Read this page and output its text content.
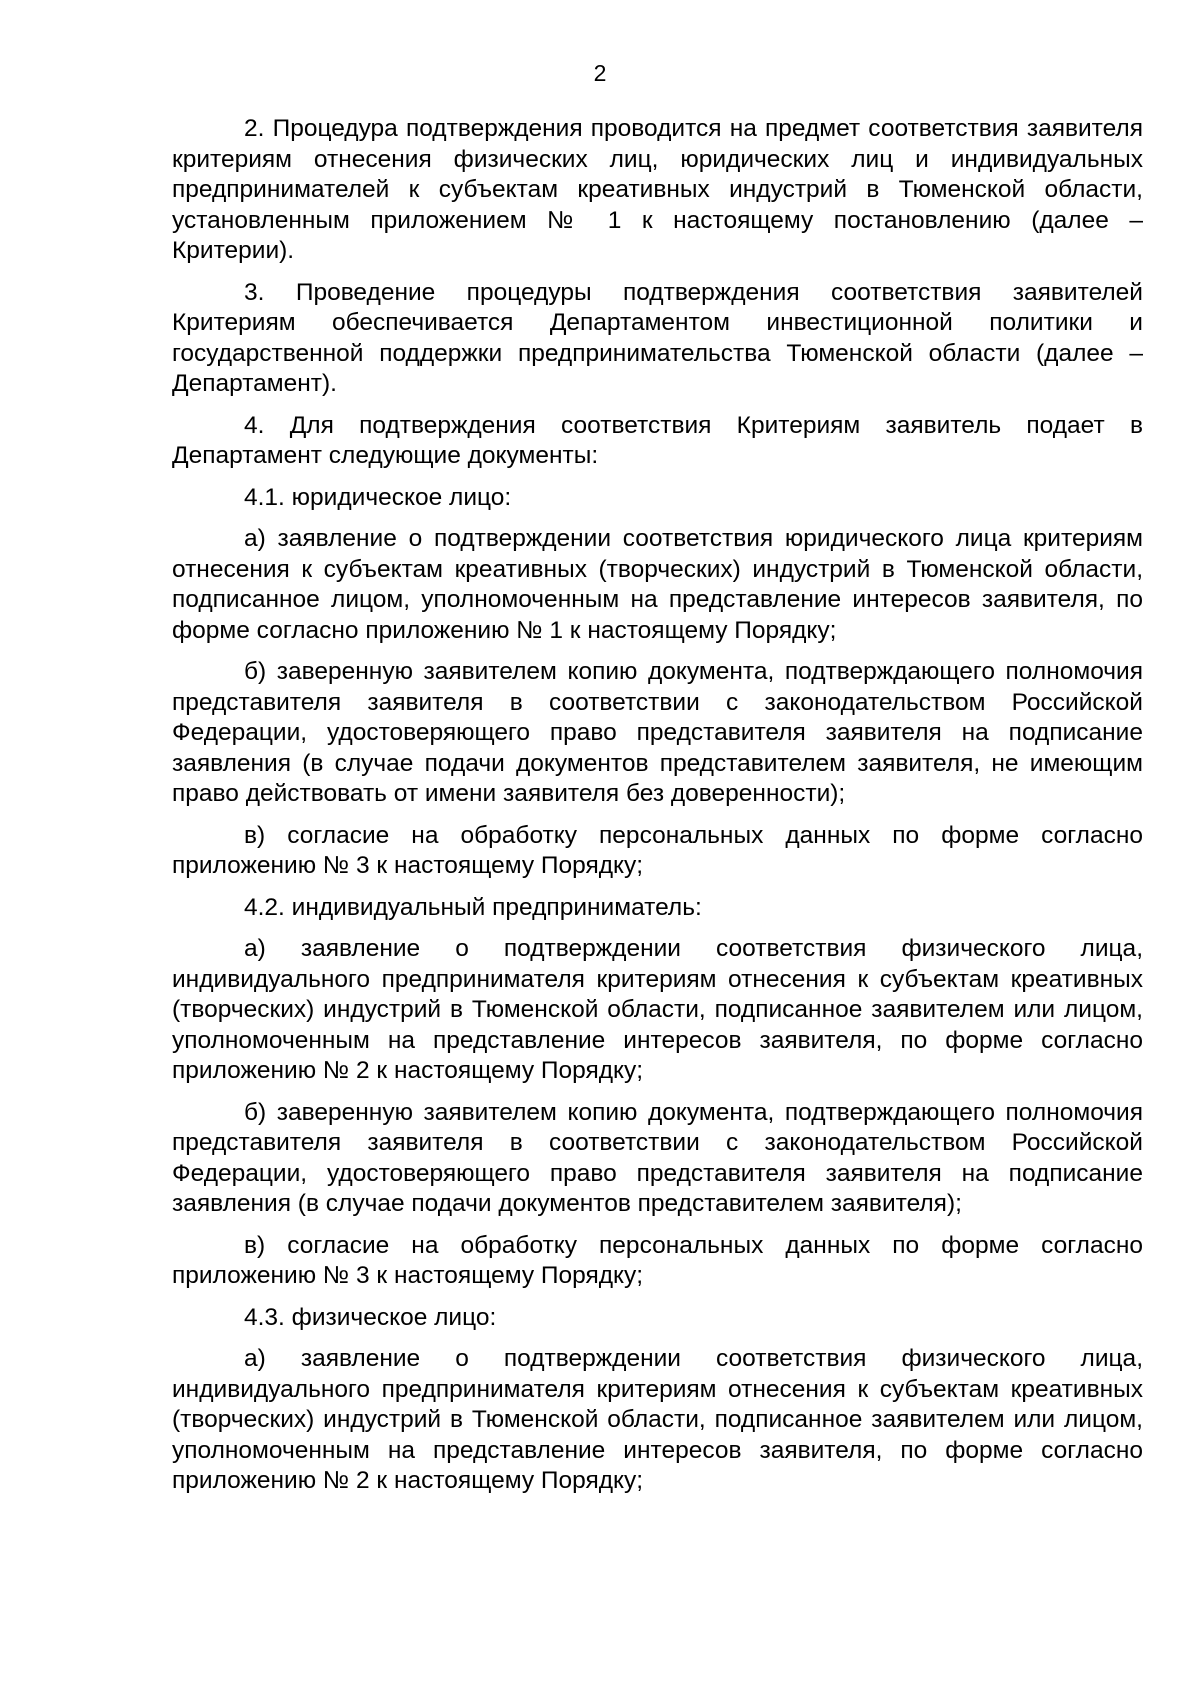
2

2. Процедура подтверждения проводится на предмет соответствия заявителя критериям отнесения физических лиц, юридических лиц и индивидуальных предпринимателей к субъектам креативных индустрий в Тюменской области, установленным приложением № 1 к настоящему постановлению (далее – Критерии).

3. Проведение процедуры подтверждения соответствия заявителей Критериям обеспечивается Департаментом инвестиционной политики и государственной поддержки предпринимательства Тюменской области (далее – Департамент).

4. Для подтверждения соответствия Критериям заявитель подает в Департамент следующие документы:

4.1. юридическое лицо:

а) заявление о подтверждении соответствия юридического лица критериям отнесения к субъектам креативных (творческих) индустрий в Тюменской области, подписанное лицом, уполномоченным на представление интересов заявителя, по форме согласно приложению № 1 к настоящему Порядку;

б) заверенную заявителем копию документа, подтверждающего полномочия представителя заявителя в соответствии с законодательством Российской Федерации, удостоверяющего право представителя заявителя на подписание заявления (в случае подачи документов представителем заявителя, не имеющим право действовать от имени заявителя без доверенности);

в) согласие на обработку персональных данных по форме согласно приложению № 3 к настоящему Порядку;

4.2. индивидуальный предприниматель:

а) заявление о подтверждении соответствия физического лица, индивидуального предпринимателя критериям отнесения к субъектам креативных (творческих) индустрий в Тюменской области, подписанное заявителем или лицом, уполномоченным на представление интересов заявителя, по форме согласно приложению № 2 к настоящему Порядку;

б) заверенную заявителем копию документа, подтверждающего полномочия представителя заявителя в соответствии с законодательством Российской Федерации, удостоверяющего право представителя заявителя на подписание заявления (в случае подачи документов представителем заявителя);

в) согласие на обработку персональных данных по форме согласно приложению № 3 к настоящему Порядку;

4.3. физическое лицо:

а) заявление о подтверждении соответствия физического лица, индивидуального предпринимателя критериям отнесения к субъектам креативных (творческих) индустрий в Тюменской области, подписанное заявителем или лицом, уполномоченным на представление интересов заявителя, по форме согласно приложению № 2 к настоящему Порядку;
